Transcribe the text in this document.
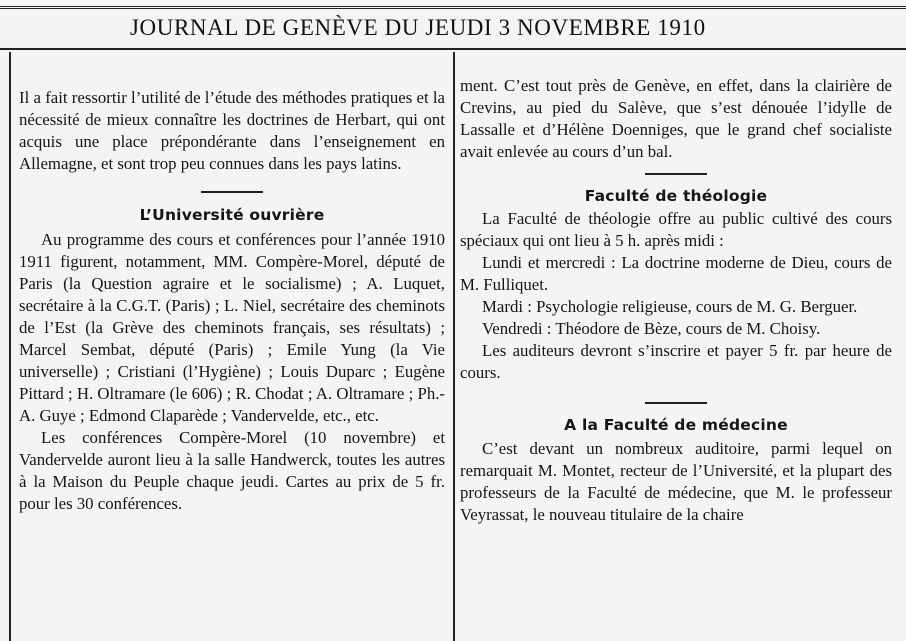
JOURNAL DE GENÈVE DU JEUDI 3 NOVEMBRE 1910

Il a fait ressortir l’utilité de l’étude des méthodes pratiques et la nécessité de mieux connaître les doctrines de Herbart, qui ont acquis une place prépondérante dans l’enseignement en Allemagne, et sont trop peu connues dans les pays latins.

L’Université ouvrière

Au programme des cours et conférences pour l’année 1910 1911 figurent, notamment, MM. Compère-Morel, député de Paris (la Question agraire et le socialisme) ; A. Luquet, secrétaire à la C.G.T. (Paris) ; L. Niel, secrétaire des cheminots de l’Est (la Grève des cheminots français, ses résultats) ; Marcel Sembat, député (Paris) ; Emile Yung (la Vie universelle) ; Cristiani (l’Hygiène) ; Louis Duparc ; Eugène Pittard ; H. Oltramare (le 606) ; R. Chodat ; A. Oltramare ; Ph.-A. Guye ; Edmond Claparède ; Vandervelde, etc., etc.

Les conférences Compère-Morel (10 novembre) et Vandervelde auront lieu à la salle Handwerck, toutes les autres à la Maison du Peuple chaque jeudi. Cartes au prix de 5 fr. pour les 30 conférences.

ment. C’est tout près de Genève, en effet, dans la clairière de Crevins, au pied du Salève, que s’est dénouée l’idylle de Lassalle et d’Hélène Doenniges, que le grand chef socialiste avait enlevée au cours d’un bal.

Faculté de théologie

La Faculté de théologie offre au public cultivé des cours spéciaux qui ont lieu à 5 h. après midi :

Lundi et mercredi : La doctrine moderne de Dieu, cours de M. Fulliquet.

Mardi : Psychologie religieuse, cours de M. G. Berguer.

Vendredi : Théodore de Bèze, cours de M. Choisy.

Les auditeurs devront s’inscrire et payer 5 fr. par heure de cours.

A la Faculté de médecine

C’est devant un nombreux auditoire, parmi lequel on remarquait M. Montet, recteur de l’Université, et la plupart des professeurs de la Faculté de médecine, que M. le professeur Veyrassat, le nouveau titulaire de la chaire
